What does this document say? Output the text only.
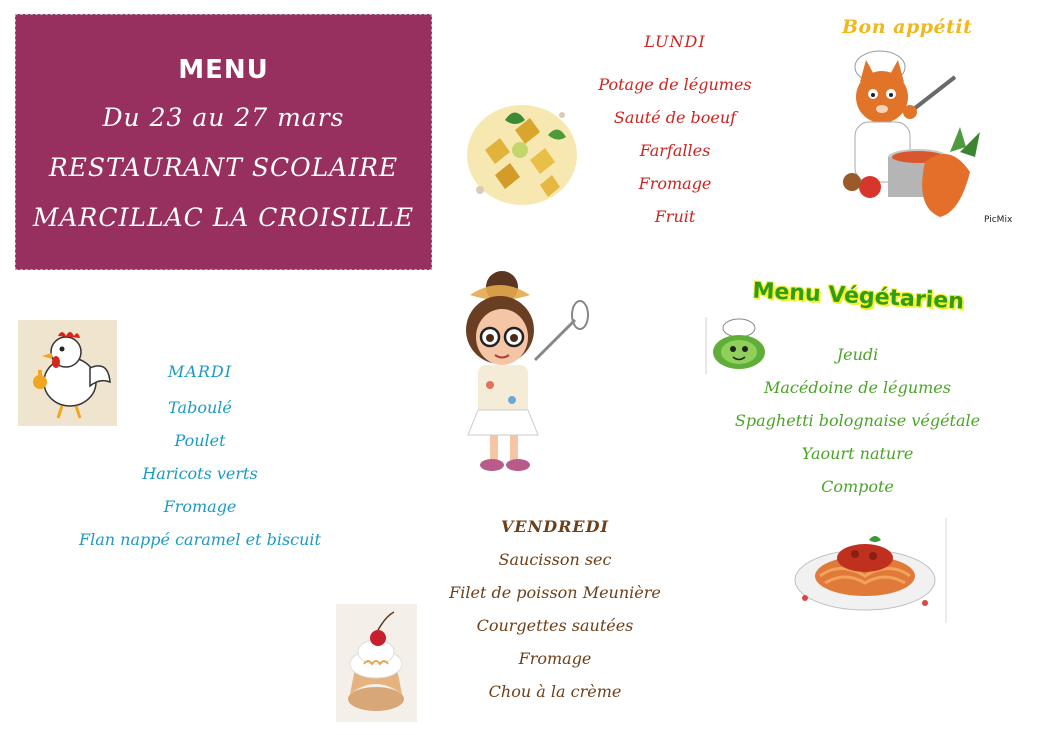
MENU
Du 23 au 27 mars
RESTAURANT SCOLAIRE
MARCILLAC LA CROISILLE
LUNDI
Potage de légumes
Sauté de boeuf
Farfalles
Fromage
Fruit
MARDI
Taboulé
Poulet
Haricots verts
Fromage
Flan nappé caramel et biscuit
Menu Végétarien
Jeudi
Macédoine de légumes
Spaghetti bolognaise végétale
Yaourt nature
Compote
VENDREDI
Saucisson sec
Filet de poisson Meunière
Courgettes sautées
Fromage
Chou à la crème
Bon appétit
PicMix
